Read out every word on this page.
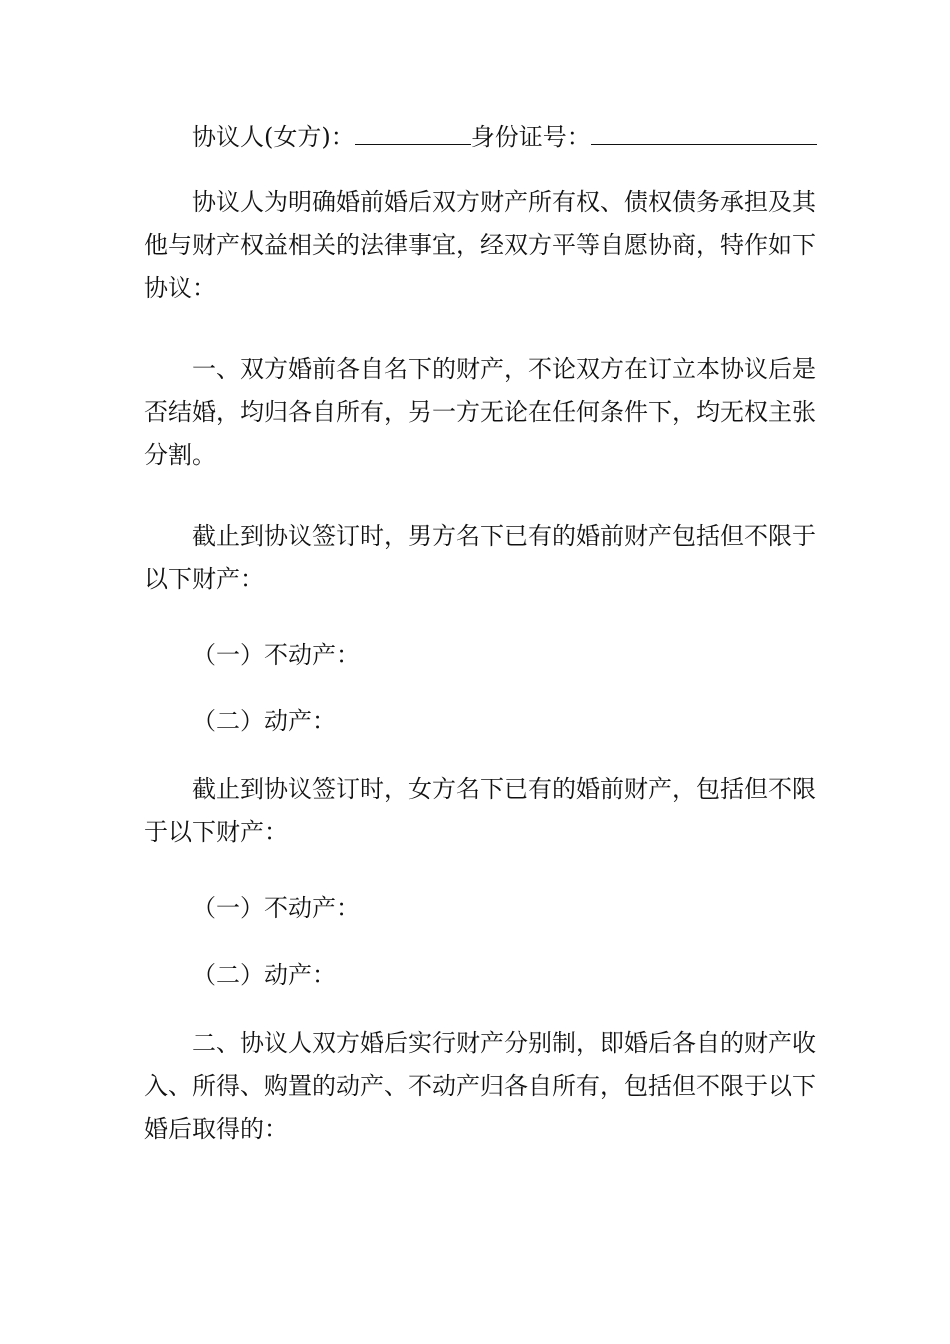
协议人(女方)：	身份证号：
协议人为明确婚前婚后双方财产所有权、债权债务承担及其
他与财产权益相关的法律事宜，经双方平等自愿协商，特作如下
协议：
一、双方婚前各自名下的财产，不论双方在订立本协议后是
否结婚，均归各自所有，另一方无论在任何条件下，均无权主张
分割。
截止到协议签订时，男方名下已有的婚前财产包括但不限于
以下财产：
（一）不动产：
（二）动产：
截止到协议签订时，女方名下已有的婚前财产，包括但不限
于以下财产：
（一）不动产：
（二）动产：
二、协议人双方婚后实行财产分别制，即婚后各自的财产收
入、所得、购置的动产、不动产归各自所有，包括但不限于以下
婚后取得的：
